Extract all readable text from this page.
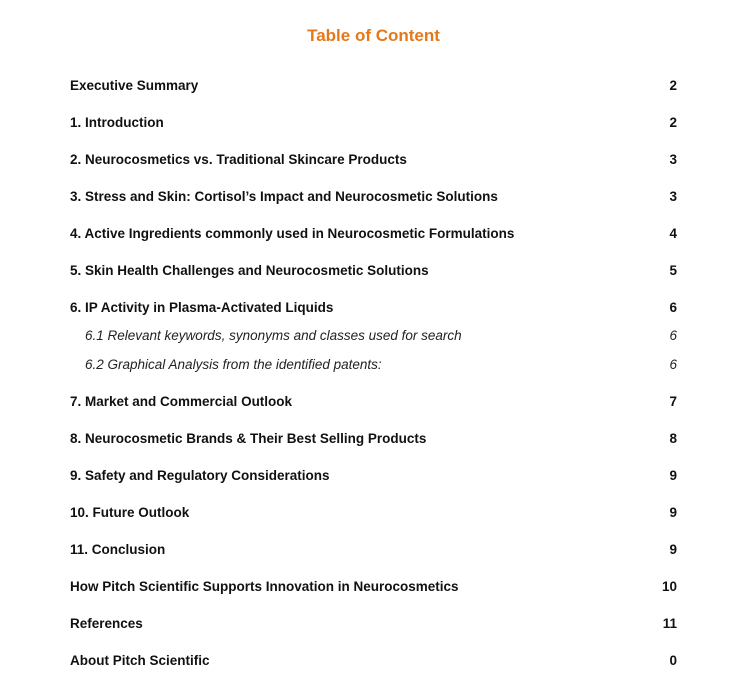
Table of Content
Executive Summary	2
1. Introduction	2
2. Neurocosmetics vs. Traditional Skincare Products	3
3. Stress and Skin: Cortisol’s Impact and Neurocosmetic Solutions	3
4. Active Ingredients commonly used in Neurocosmetic Formulations	4
5. Skin Health Challenges and Neurocosmetic Solutions	5
6. IP Activity in Plasma-Activated Liquids	6
6.1 Relevant keywords, synonyms and classes used for search	6
6.2 Graphical Analysis from the identified patents:	6
7. Market and Commercial Outlook	7
8. Neurocosmetic Brands & Their Best Selling Products	8
9. Safety and Regulatory Considerations	9
10. Future Outlook	9
11. Conclusion	9
How Pitch Scientific Supports Innovation in Neurocosmetics	10
References	11
About Pitch Scientific	0
